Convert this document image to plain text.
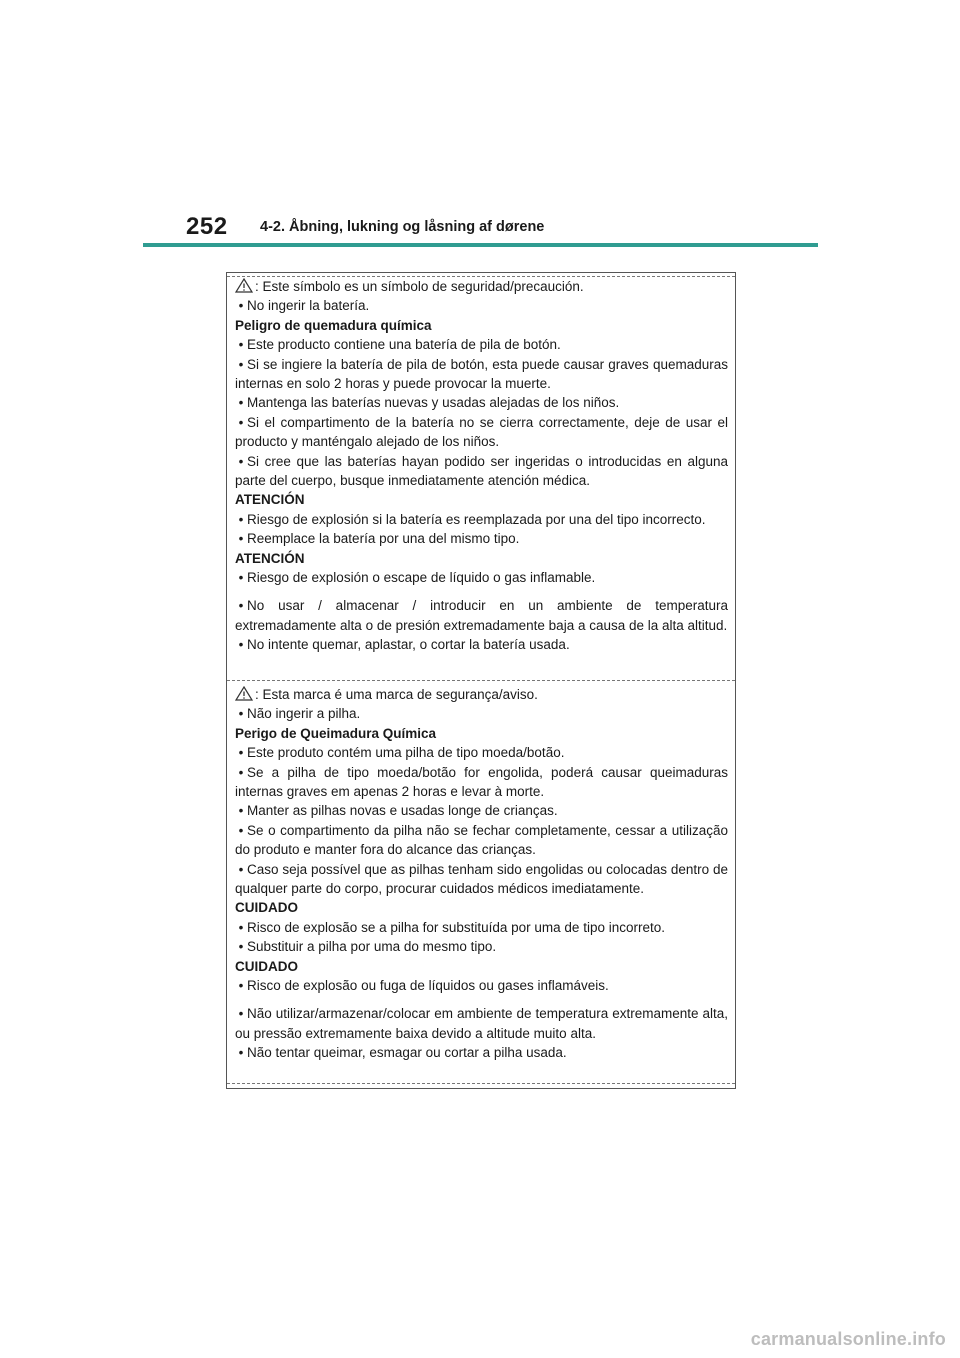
252 4-2. Åbning, lukning og låsning af dørene
: Este símbolo es un símbolo de seguridad/precaución.
• No ingerir la batería.
Peligro de quemadura química
• Este producto contiene una batería de pila de botón.
• Si se ingiere la batería de pila de botón, esta puede causar graves quemaduras internas en solo 2 horas y puede provocar la muerte.
• Mantenga las baterías nuevas y usadas alejadas de los niños.
• Si el compartimento de la batería no se cierra correctamente, deje de usar el producto y manténgalo alejado de los niños.
• Si cree que las baterías hayan podido ser ingeridas o introducidas en alguna parte del cuerpo, busque inmediatamente atención médica.
ATENCIÓN
• Riesgo de explosión si la batería es reemplazada por una del tipo incorrecto.
• Reemplace la batería por una del mismo tipo.
ATENCIÓN
• Riesgo de explosión o escape de líquido o gas inflamable.
• No usar / almacenar / introducir en un ambiente de temperatura extremadamente alta o de presión extremadamente baja a causa de la alta altitud.
• No intente quemar, aplastar, o cortar la batería usada.
: Esta marca é uma marca de segurança/aviso.
• Não ingerir a pilha.
Perigo de Queimadura Química
• Este produto contém uma pilha de tipo moeda/botão.
• Se a pilha de tipo moeda/botão for engolida, poderá causar queimaduras internas graves em apenas 2 horas e levar à morte.
• Manter as pilhas novas e usadas longe de crianças.
• Se o compartimento da pilha não se fechar completamente, cessar a utilização do produto e manter fora do alcance das crianças.
• Caso seja possível que as pilhas tenham sido engolidas ou colocadas dentro de qualquer parte do corpo, procurar cuidados médicos imediatamente.
CUIDADO
• Risco de explosão se a pilha for substituída por uma de tipo incorreto.
• Substituir a pilha por uma do mesmo tipo.
CUIDADO
• Risco de explosão ou fuga de líquidos ou gases inflamáveis.
• Não utilizar/armazenar/colocar em ambiente de temperatura extremamente alta, ou pressão extremamente baixa devido a altitude muito alta.
• Não tentar queimar, esmagar ou cortar a pilha usada.
carmanualsonline.info
